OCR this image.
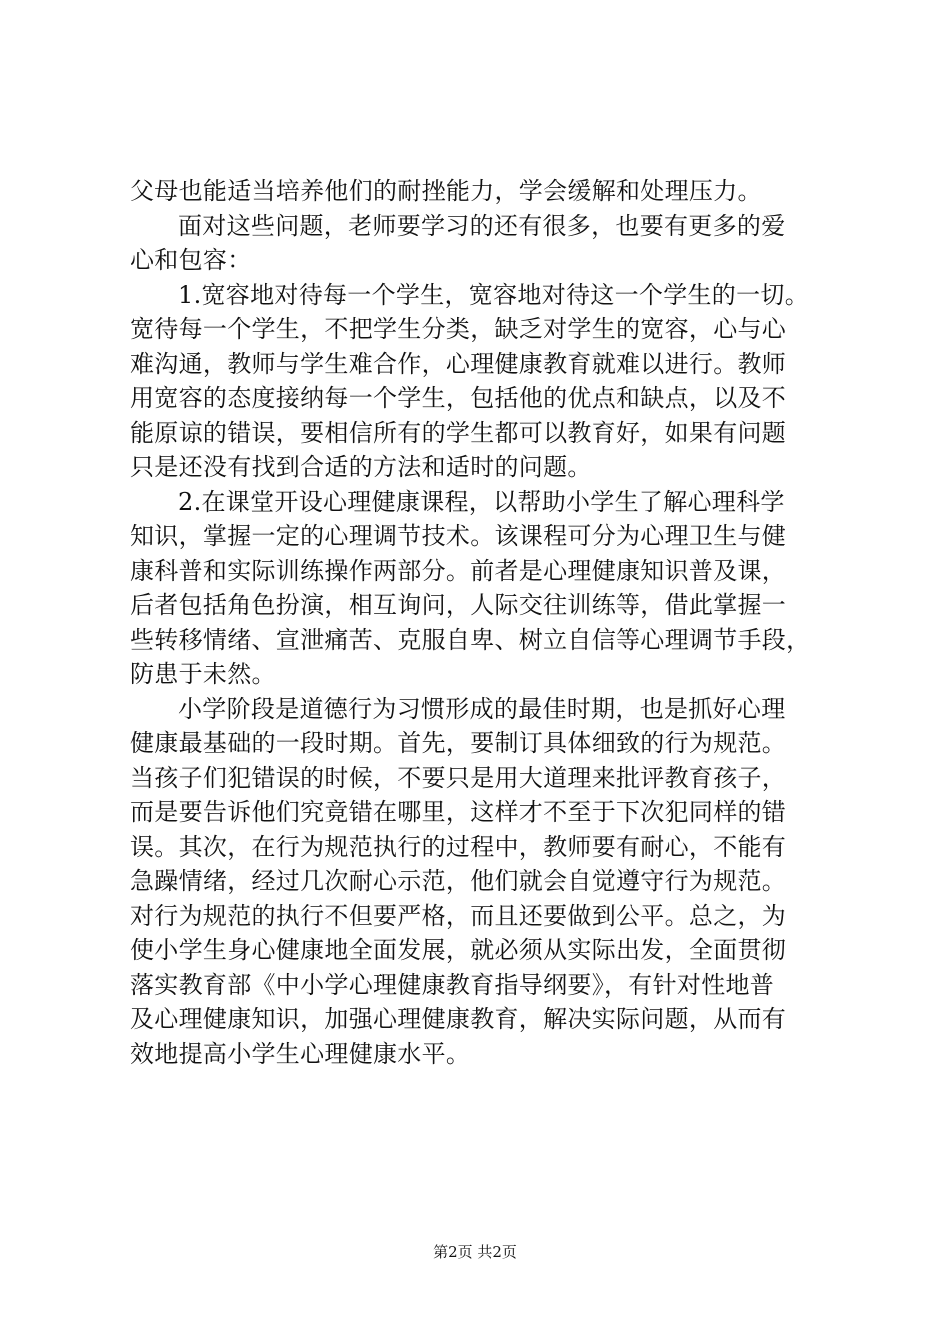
父母也能适当培养他们的耐挫能力，学会缓解和处理压力。
面对这些问题，老师要学习的还有很多，也要有更多的爱
心和包容：
1.宽容地对待每一个学生，宽容地对待这一个学生的一切。
宽待每一个学生，不把学生分类，缺乏对学生的宽容，心与心
难沟通，教师与学生难合作，心理健康教育就难以进行。教师
用宽容的态度接纳每一个学生，包括他的优点和缺点，以及不
能原谅的错误，要相信所有的学生都可以教育好，如果有问题
只是还没有找到合适的方法和适时的问题。
2.在课堂开设心理健康课程，以帮助小学生了解心理科学
知识，掌握一定的心理调节技术。该课程可分为心理卫生与健
康科普和实际训练操作两部分。前者是心理健康知识普及课，
后者包括角色扮演，相互询问，人际交往训练等，借此掌握一
些转移情绪、宣泄痛苦、克服自卑、树立自信等心理调节手段，
防患于未然。
小学阶段是道德行为习惯形成的最佳时期，也是抓好心理
健康最基础的一段时期。首先，要制订具体细致的行为规范。
当孩子们犯错误的时候，不要只是用大道理来批评教育孩子，
而是要告诉他们究竟错在哪里，这样才不至于下次犯同样的错
误。其次，在行为规范执行的过程中，教师要有耐心，不能有
急躁情绪，经过几次耐心示范，他们就会自觉遵守行为规范。
对行为规范的执行不但要严格，而且还要做到公平。总之，为
使小学生身心健康地全面发展，就必须从实际出发，全面贯彻
落实教育部《中小学心理健康教育指导纲要》，有针对性地普
及心理健康知识，加强心理健康教育，解决实际问题，从而有
效地提高小学生心理健康水平。
第2页 共2页
